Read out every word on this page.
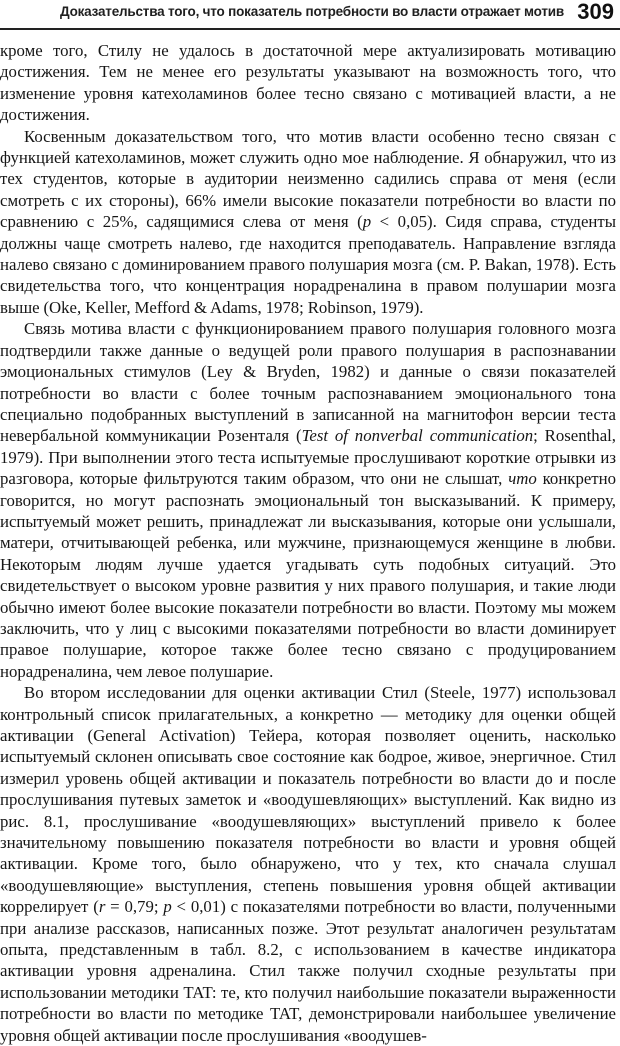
Доказательства того, что показатель потребности во власти отражает мотив 309

кроме того, Стилу не удалось в достаточной мере актуализировать мотивацию достижения. Тем не менее его результаты указывают на возможность того, что изменение уровня катехоламинов более тесно связано с мотивацией власти, а не достижения.

Косвенным доказательством того, что мотив власти особенно тесно связан с функцией катехоламинов, может служить одно мое наблюдение. Я обнаружил, что из тех студентов, которые в аудитории неизменно садились справа от меня (если смотреть с их стороны), 66% имели высокие показатели потребности во власти по сравнению с 25%, садящимися слева от меня (p < 0,05). Сидя справа, студенты должны чаще смотреть налево, где находится преподаватель. Направление взгляда налево связано с доминированием правого полушария мозга (см. P. Bakan, 1978). Есть свидетельства того, что концентрация норадреналина в правом полушарии мозга выше (Oke, Keller, Mefford & Adams, 1978; Robinson, 1979).

Связь мотива власти с функционированием правого полушария головного мозга подтвердили также данные о ведущей роли правого полушария в распознавании эмоциональных стимулов (Ley & Bryden, 1982) и данные о связи показателей потребности во власти с более точным распознаванием эмоционального тона специально подобранных выступлений в записанной на магнитофон версии теста невербальной коммуникации Розенталя (Test of nonverbal communication; Rosenthal, 1979). При выполнении этого теста испытуемые прослушивают короткие отрывки из разговора, которые фильтруются таким образом, что они не слышат, что конкретно говорится, но могут распознать эмоциональный тон высказываний. К примеру, испытуемый может решить, принадлежат ли высказывания, которые они услышали, матери, отчитывающей ребенка, или мужчине, признающемуся женщине в любви. Некоторым людям лучше удается угадывать суть подобных ситуаций. Это свидетельствует о высоком уровне развития у них правого полушария, и такие люди обычно имеют более высокие показатели потребности во власти. Поэтому мы можем заключить, что у лиц с высокими показателями потребности во власти доминирует правое полушарие, которое также более тесно связано с продуцированием норадреналина, чем левое полушарие.

Во втором исследовании для оценки активации Стил (Steele, 1977) использовал контрольный список прилагательных, а конкретно — методику для оценки общей активации (General Activation) Тейера, которая позволяет оценить, насколько испытуемый склонен описывать свое состояние как бодрое, живое, энергичное. Стил измерил уровень общей активации и показатель потребности во власти до и после прослушивания путевых заметок и «воодушевляющих» выступлений. Как видно из рис. 8.1, прослушивание «воодушевляющих» выступлений привело к более значительному повышению показателя потребности во власти и уровня общей активации. Кроме того, было обнаружено, что у тех, кто сначала слушал «воодушевляющие» выступления, степень повышения уровня общей активации коррелирует (r = 0,79; p < 0,01) с показателями потребности во власти, полученными при анализе рассказов, написанных позже. Этот результат аналогичен результатам опыта, представленным в табл. 8.2, с использованием в качестве индикатора активации уровня адреналина. Стил также получил сходные результаты при использовании методики TAT: те, кто получил наибольшие показатели выраженности потребности во власти по методике TAT, демонстрировали наибольшее увеличение уровня общей активации после прослушивания «воодушев-
